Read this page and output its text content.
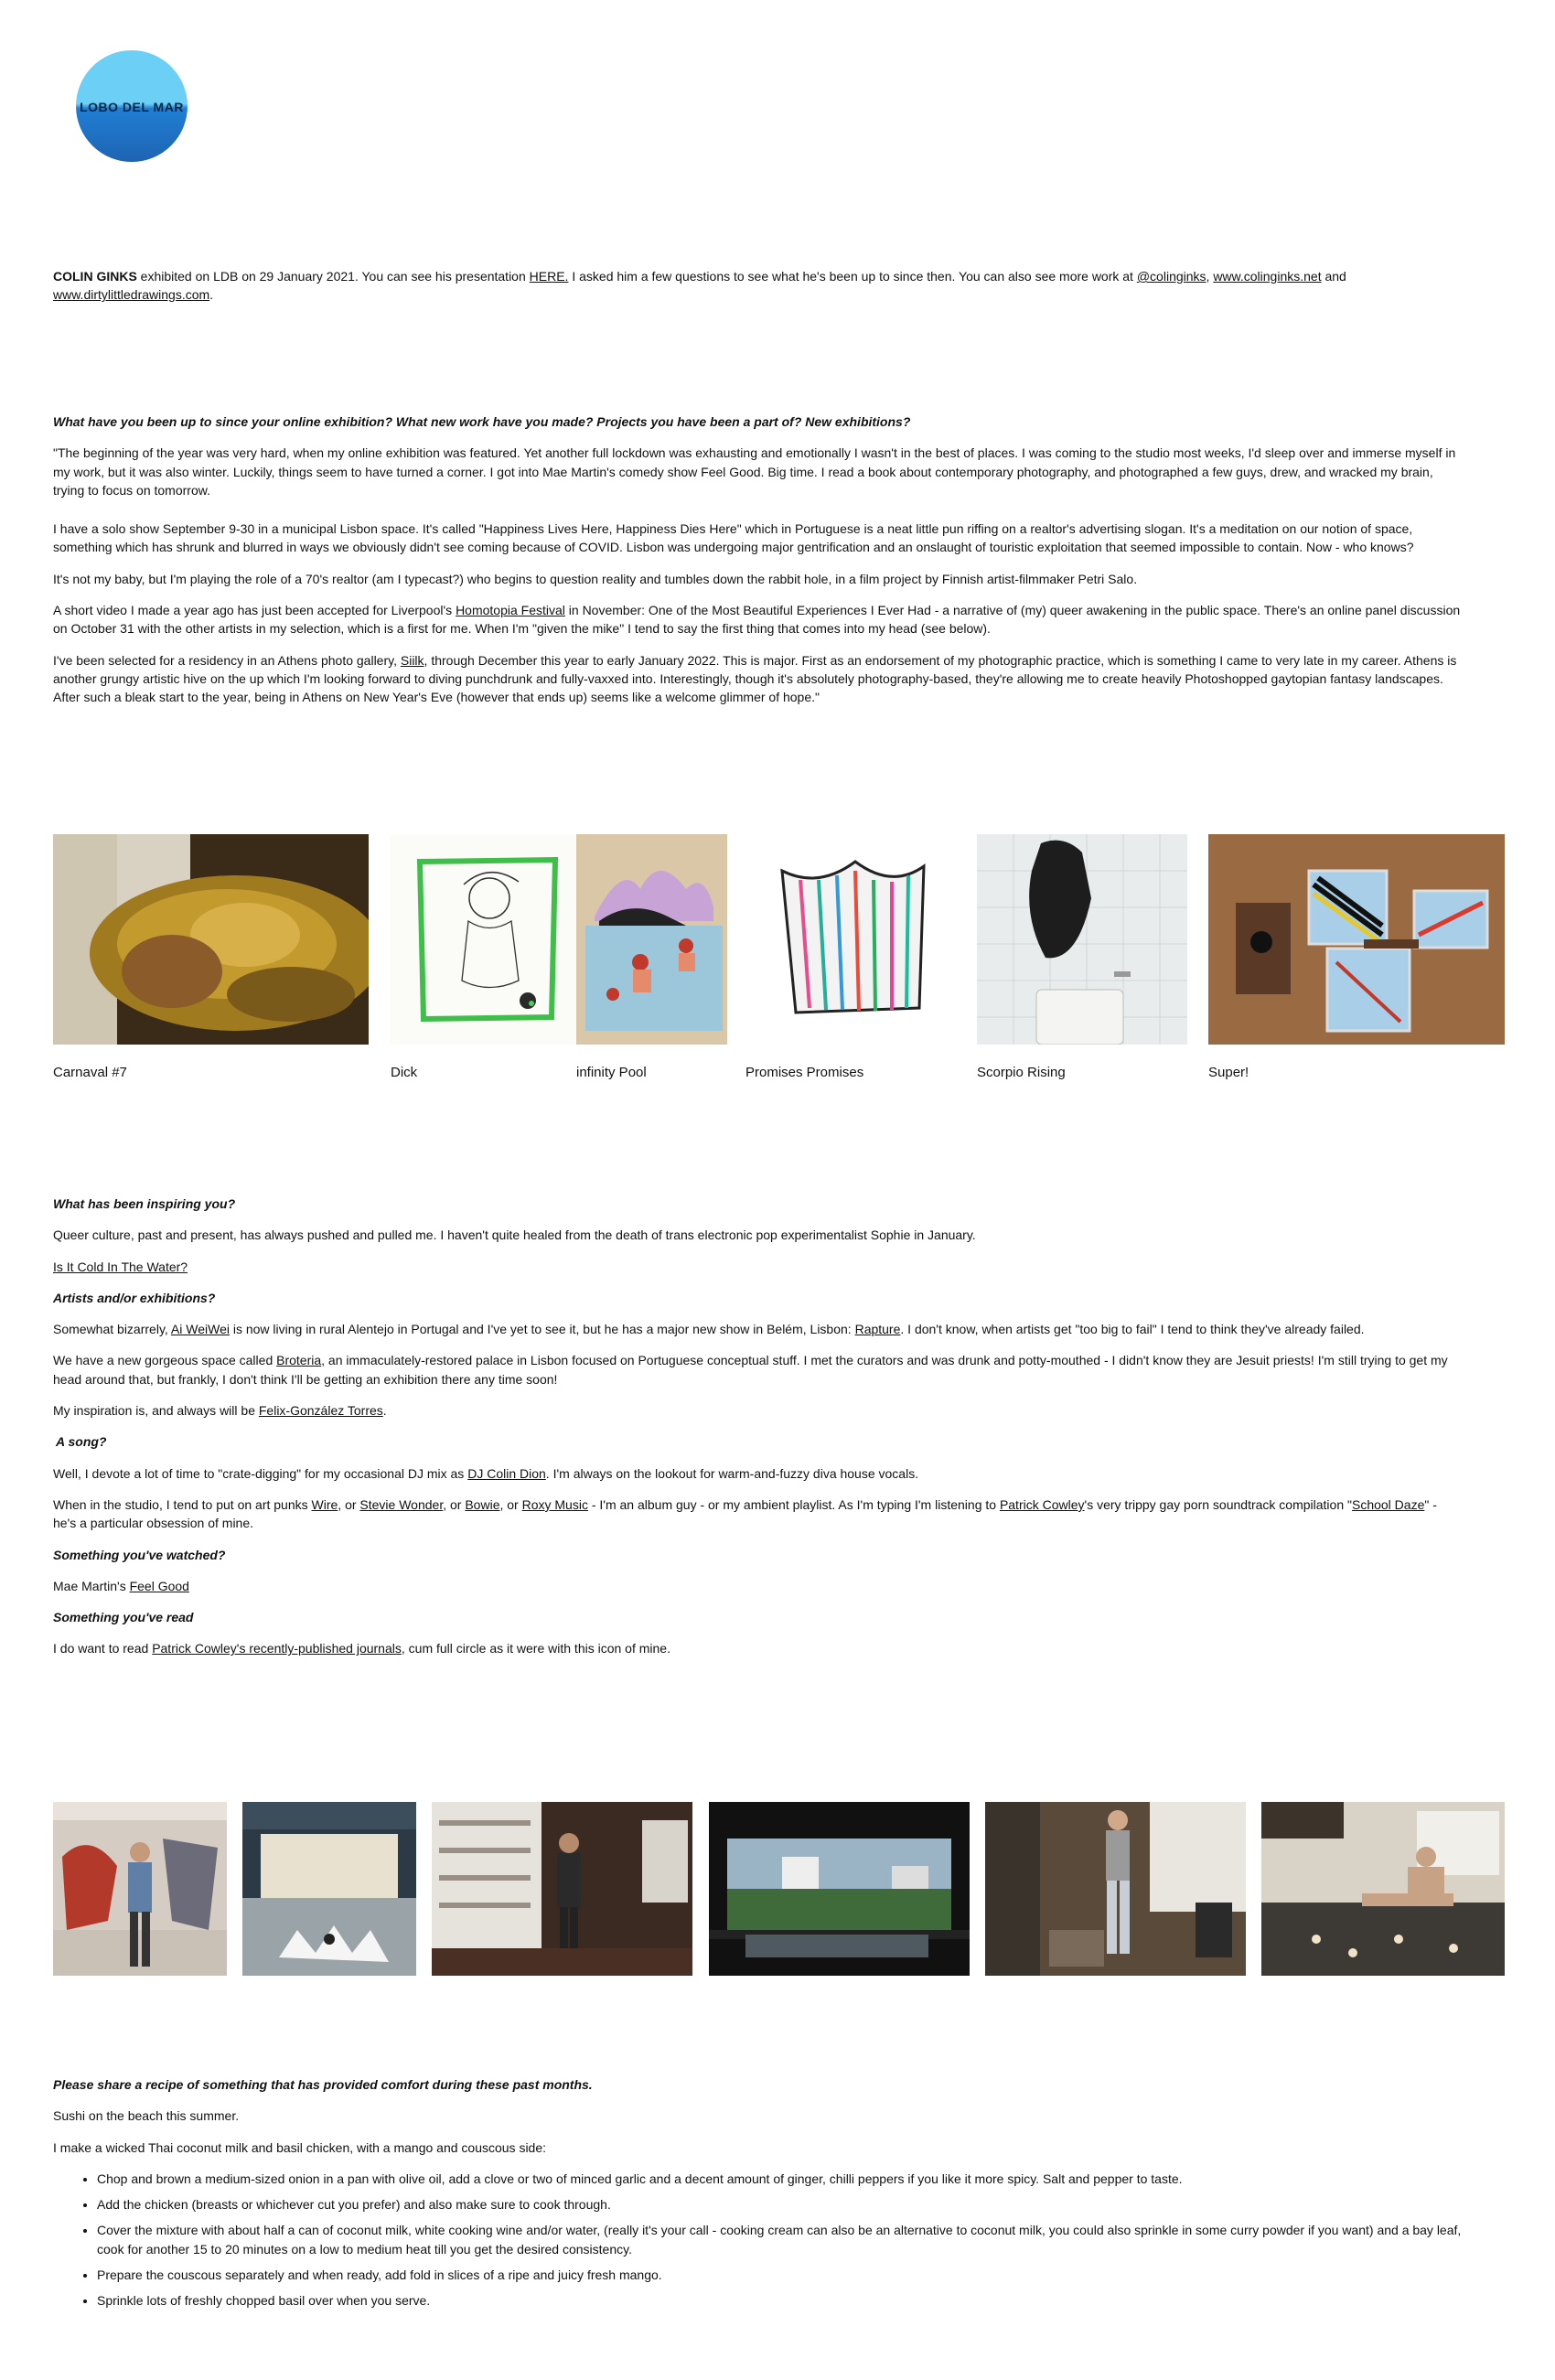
LOBO DEL MAR

COLIN GINKS exhibited on LDB on 29 January 2021. You can see his presentation HERE. I asked him a few questions to see what he's been up to since then. You can also see more work at @colinginks, www.colinginks.net and www.dirtylittledrawings.com.

What have you been up to since your online exhibition? What new work have you made? Projects you have been a part of? New exhibitions?

"The beginning of the year was very hard, when my online exhibition was featured. Yet another full lockdown was exhausting and emotionally I wasn't in the best of places. I was coming to the studio most weeks, I'd sleep over and immerse myself in my work, but it was also winter. Luckily, things seem to have turned a corner. I got into Mae Martin's comedy show Feel Good. Big time. I read a book about contemporary photography, and photographed a few guys, drew, and wracked my brain, trying to focus on tomorrow.

I have a solo show September 9-30 in a municipal Lisbon space. It's called "Happiness Lives Here, Happiness Dies Here" which in Portuguese is a neat little pun riffing on a realtor's advertising slogan. It's a meditation on our notion of space, something which has shrunk and blurred in ways we obviously didn't see coming because of COVID. Lisbon was undergoing major gentrification and an onslaught of touristic exploitation that seemed impossible to contain. Now - who knows?

It's not my baby, but I'm playing the role of a 70's realtor (am I typecast?) who begins to question reality and tumbles down the rabbit hole, in a film project by Finnish artist-filmmaker Petri Salo.

A short video I made a year ago has just been accepted for Liverpool's Homotopia Festival in November: One of the Most Beautiful Experiences I Ever Had - a narrative of (my) queer awakening in the public space. There's an online panel discussion on October 31 with the other artists in my selection, which is a first for me. When I'm "given the mike" I tend to say the first thing that comes into my head (see below).

I've been selected for a residency in an Athens photo gallery, Siilk, through December this year to early January 2022. This is major. First as an endorsement of my photographic practice, which is something I came to very late in my career. Athens is another grungy artistic hive on the up which I'm looking forward to diving punchdrunk and fully-vaxxed into. Interestingly, though it's absolutely photography-based, they're allowing me to create heavily Photoshopped gaytopian fantasy landscapes. After such a bleak start to the year, being in Athens on New Year's Eve (however that ends up) seems like a welcome glimmer of hope."

Carnaval #7	Dick	infinity Pool	Promises Promises	Scorpio Rising	Super!

What has been inspiring you?

Queer culture, past and present, has always pushed and pulled me. I haven't quite healed from the death of trans electronic pop experimentalist Sophie in January.

Is It Cold In The Water?

Artists and/or exhibitions?

Somewhat bizarrely, Ai WeiWei is now living in rural Alentejo in Portugal and I've yet to see it, but he has a major new show in Belém, Lisbon: Rapture. I don't know, when artists get "too big to fail" I tend to think they've already failed.

We have a new gorgeous space called Broteria, an immaculately-restored palace in Lisbon focused on Portuguese conceptual stuff. I met the curators and was drunk and potty-mouthed - I didn't know they are Jesuit priests! I'm still trying to get my head around that, but frankly, I don't think I'll be getting an exhibition there any time soon!

My inspiration is, and always will be Felix-González Torres.

A song?

Well, I devote a lot of time to "crate-digging" for my occasional DJ mix as DJ Colin Dion. I'm always on the lookout for warm-and-fuzzy diva house vocals.

When in the studio, I tend to put on art punks Wire, or Stevie Wonder, or Bowie, or Roxy Music - I'm an album guy - or my ambient playlist. As I'm typing I'm listening to Patrick Cowley's very trippy gay porn soundtrack compilation "School Daze" - he's a particular obsession of mine.

Something you've watched?

Mae Martin's Feel Good

Something you've read

I do want to read Patrick Cowley's recently-published journals, cum full circle as it were with this icon of mine.

Please share a recipe of something that has provided comfort during these past months.

Sushi on the beach this summer.

I make a wicked Thai coconut milk and basil chicken, with a mango and couscous side:

• Chop and brown a medium-sized onion in a pan with olive oil, add a clove or two of minced garlic and a decent amount of ginger, chilli peppers if you like it more spicy. Salt and pepper to taste.
• Add the chicken (breasts or whichever cut you prefer) and also make sure to cook through.
• Cover the mixture with about half a can of coconut milk, white cooking wine and/or water, (really it's your call - cooking cream can also be an alternative to coconut milk, you could also sprinkle in some curry powder if you want) and a bay leaf, cook for another 15 to 20 minutes on a low to medium heat till you get the desired consistency.
• Prepare the couscous separately and when ready, add fold in slices of a ripe and juicy fresh mango.
• Sprinkle lots of freshly chopped basil over when you serve.
